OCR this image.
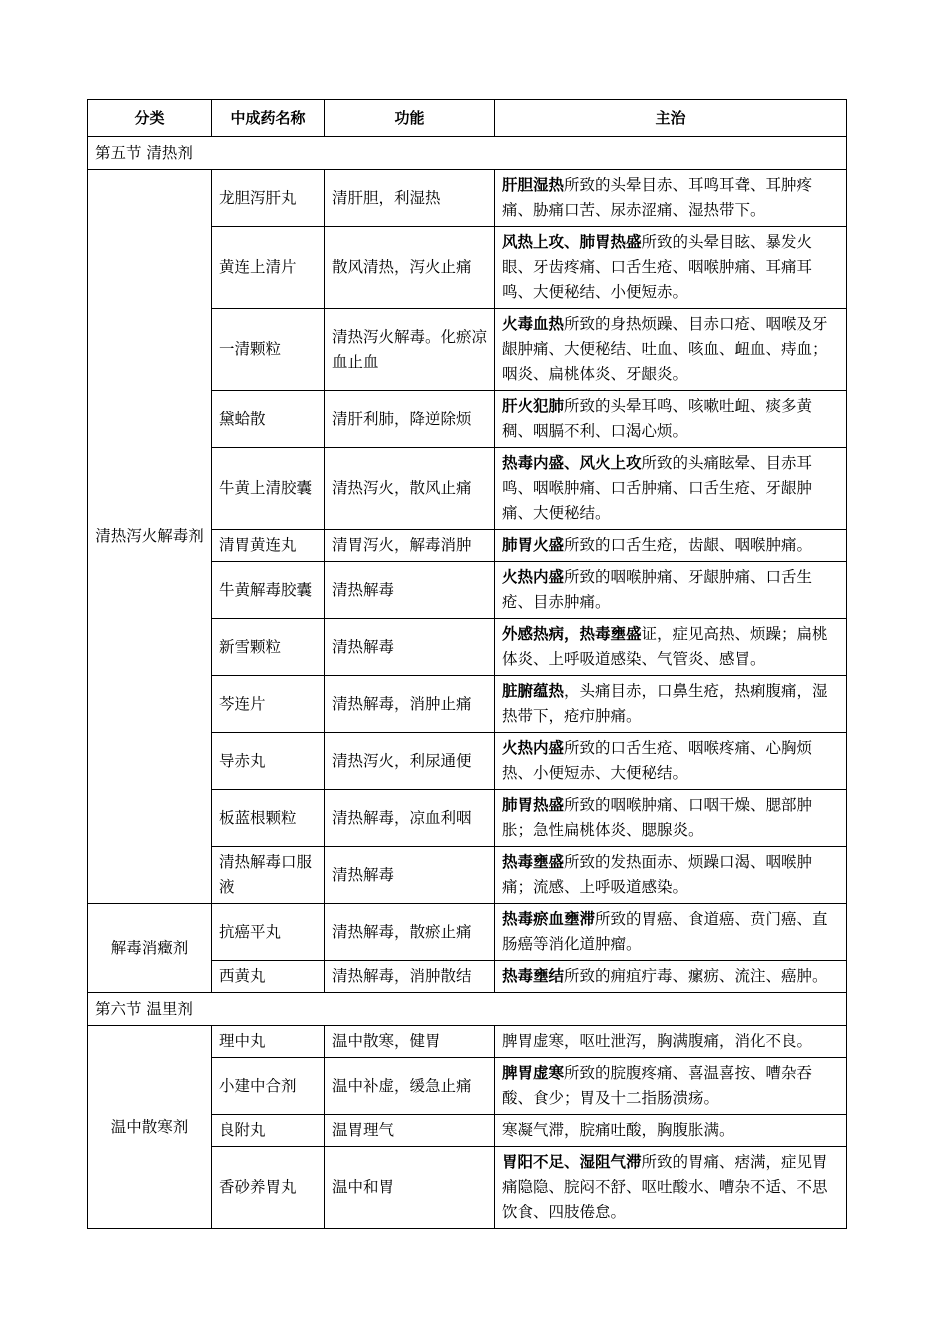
分类	中成药名称	功能	主治
第五节 清热剂			
清热泻火解毒剂	龙胆泻肝丸	清肝胆，利湿热	肝胆湿热所致的头晕目赤、耳鸣耳聋、耳肿疼痛、胁痛口苦、尿赤涩痛、湿热带下。
	黄连上清片	散风清热，泻火止痛	风热上攻、肺胃热盛所致的头晕目眩、暴发火眼、牙齿疼痛、口舌生疮、咽喉肿痛、耳痛耳鸣、大便秘结、小便短赤。
	一清颗粒	清热泻火解毒。化瘀凉血止血	火毒血热所致的身热烦躁、目赤口疮、咽喉及牙龈肿痛、大便秘结、吐血、咳血、衄血、痔血；咽炎、扁桃体炎、牙龈炎。
	黛蛤散	清肝利肺，降逆除烦	肝火犯肺所致的头晕耳鸣、咳嗽吐衄、痰多黄稠、咽膈不利、口渴心烦。
	牛黄上清胶囊	清热泻火，散风止痛	热毒内盛、风火上攻所致的头痛眩晕、目赤耳鸣、咽喉肿痛、口舌肿痛、口舌生疮、牙龈肿痛、大便秘结。
	清胃黄连丸	清胃泻火，解毒消肿	肺胃火盛所致的口舌生疮，齿龈、咽喉肿痛。
	牛黄解毒胶囊	清热解毒	火热内盛所致的咽喉肿痛、牙龈肿痛、口舌生疮、目赤肿痛。
	新雪颗粒	清热解毒	外感热病，热毒壅盛证，症见高热、烦躁；扁桃体炎、上呼吸道感染、气管炎、感冒。
	芩连片	清热解毒，消肿止痛	脏腑蕴热，头痛目赤，口鼻生疮，热痢腹痛，湿热带下，疮疖肿痛。
	导赤丸	清热泻火，利尿通便	火热内盛所致的口舌生疮、咽喉疼痛、心胸烦热、小便短赤、大便秘结。
	板蓝根颗粒	清热解毒，凉血利咽	肺胃热盛所致的咽喉肿痛、口咽干燥、腮部肿胀；急性扁桃体炎、腮腺炎。
	清热解毒口服液	清热解毒	热毒壅盛所致的发热面赤、烦躁口渴、咽喉肿痛；流感、上呼吸道感染。
解毒消癥剂	抗癌平丸	清热解毒，散瘀止痛	热毒瘀血壅滞所致的胃癌、食道癌、贲门癌、直肠癌等消化道肿瘤。
	西黄丸	清热解毒，消肿散结	热毒壅结所致的痈疽疔毒、瘰疬、流注、癌肿。
第六节 温里剂			
温中散寒剂	理中丸	温中散寒，健胃	脾胃虚寒，呕吐泄泻，胸满腹痛，消化不良。
	小建中合剂	温中补虚，缓急止痛	脾胃虚寒所致的脘腹疼痛、喜温喜按、嘈杂吞酸、食少；胃及十二指肠溃疡。
	良附丸	温胃理气	寒凝气滞，脘痛吐酸，胸腹胀满。
	香砂养胃丸	温中和胃	胃阳不足、湿阻气滞所致的胃痛、痞满，症见胃痛隐隐、脘闷不舒、呕吐酸水、嘈杂不适、不思饮食、四肢倦怠。
